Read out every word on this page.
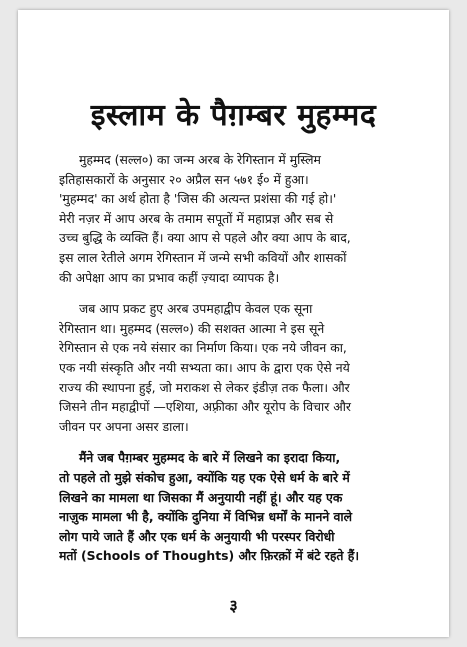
इस्लाम के पैग़म्बर मुहम्मद

मुहम्मद (सल्ल०) का जन्म अरब के रेगिस्तान में मुस्लिम
इतिहासकारों के अनुसार २० अप्रैल सन ५७१ ई० में हुआ।
'मुहम्मद' का अर्थ होता है 'जिस की अत्यन्त प्रशंसा की गई हो।'
मेरी नज़र में आप अरब के तमाम सपूतों में महाप्रज्ञ और सब से
उच्च बुद्धि के व्यक्ति हैं। क्या आप से पहले और क्या आप के बाद,
इस लाल रेतीले अगम रेगिस्तान में जन्मे सभी कवियों और शासकों
की अपेक्षा आप का प्रभाव कहीं ज़्यादा व्यापक है।

जब आप प्रकट हुए अरब उपमहाद्वीप केवल एक सूना
रेगिस्तान था। मुहम्मद (सल्ल०) की सशक्त आत्मा ने इस सूने
रेगिस्तान से एक नये संसार का निर्माण किया। एक नये जीवन का,
एक नयी संस्कृति और नयी सभ्यता का। आप के द्वारा एक ऐसे नये
राज्य की स्थापना हुई, जो मराकश से लेकर इंडीज़ तक फैला। और
जिसने तीन महाद्वीपों —एशिया, अफ़्रीका और यूरोप के विचार और
जीवन पर अपना असर डाला।

मैंने जब पैग़म्बर मुहम्मद के बारे में लिखने का इरादा किया,
तो पहले तो मुझे संकोच हुआ, क्योंकि यह एक ऐसे धर्म के बारे में
लिखने का मामला था जिसका मैं अनुयायी नहीं हूं। और यह एक
नाज़ुक मामला भी है, क्योंकि दुनिया में विभिन्न धर्मों के मानने वाले
लोग पाये जाते हैं और एक धर्म के अनुयायी भी परस्पर विरोधी
मतों (Schools of Thoughts) और फ़िरक़ों में बंटे रहते हैं।

३
